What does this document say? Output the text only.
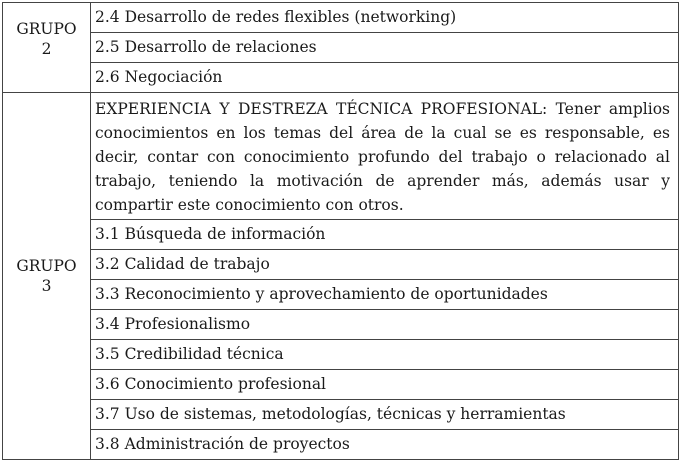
GRUPO
2	2.4 Desarrollo de redes flexibles (networking)
	2.5 Desarrollo de relaciones
	2.6 Negociación

GRUPO
3	EXPERIENCIA Y DESTREZA TÉCNICA PROFESIONAL: Tener amplios conocimientos en los temas del área de la cual se es responsable, es decir, contar con conocimiento profundo del trabajo o relacionado al trabajo, teniendo la motivación de aprender más, además usar y compartir este conocimiento con otros.
	3.1 Búsqueda de información
	3.2 Calidad de trabajo
	3.3 Reconocimiento y aprovechamiento de oportunidades
	3.4 Profesionalismo
	3.5 Credibilidad técnica
	3.6 Conocimiento profesional
	3.7 Uso de sistemas, metodologías, técnicas y herramientas
	3.8 Administración de proyectos
